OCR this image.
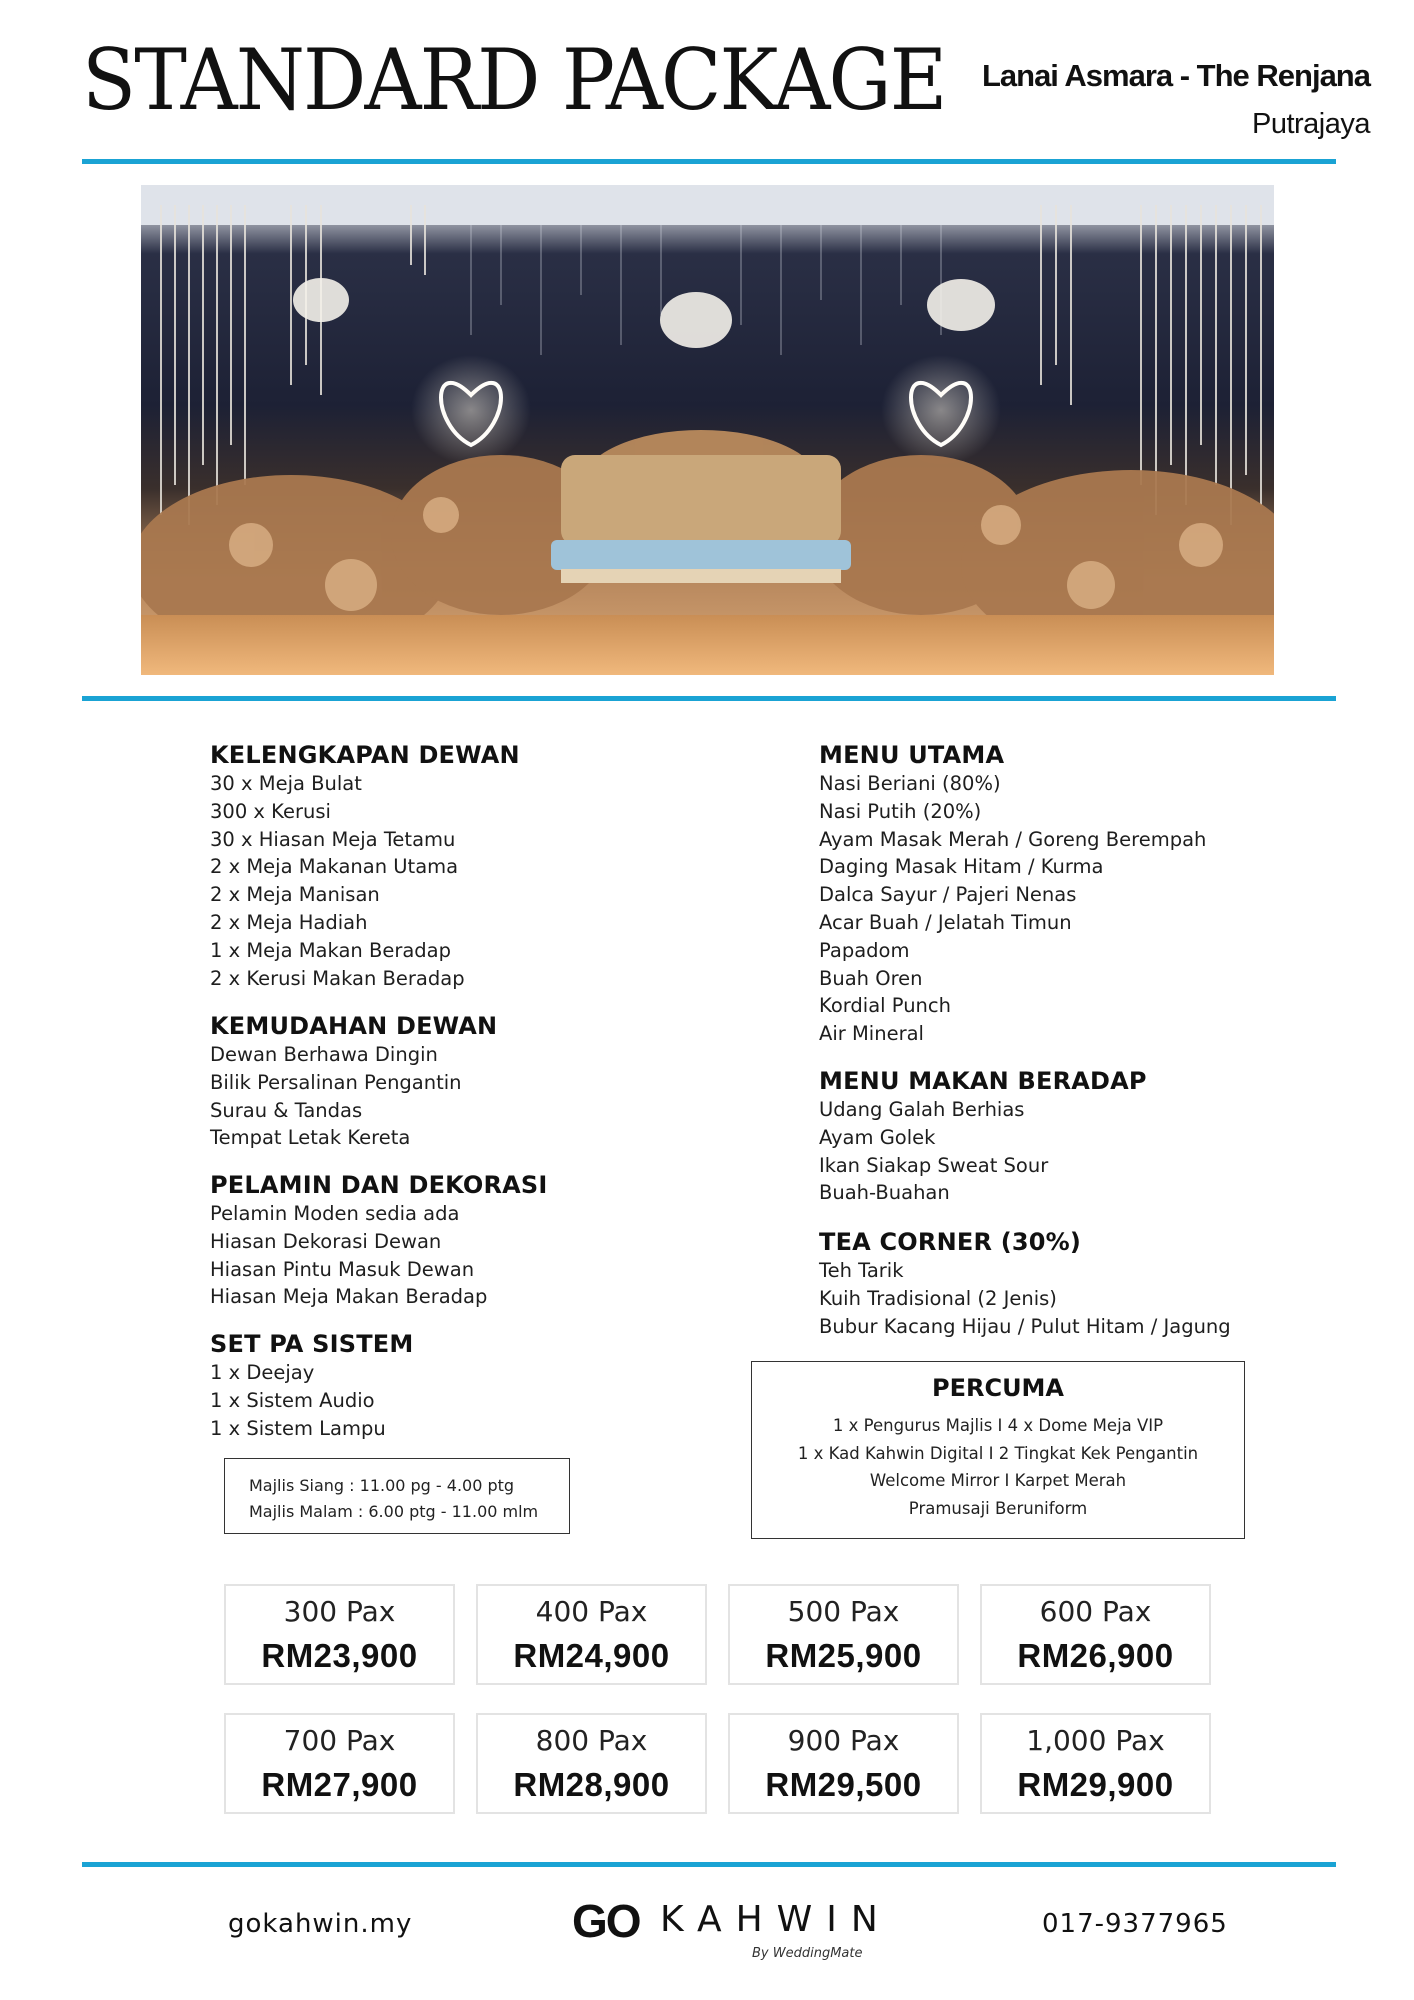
STANDARD PACKAGE Lanai Asmara - The Renjana
Putrajaya
KELENGKAPAN DEWAN
30 x Meja Bulat
300 x Kerusi
30 x Hiasan Meja Tetamu
2 x Meja Makanan Utama
2 x Meja Manisan
2 x Meja Hadiah
1 x Meja Makan Beradap
2 x Kerusi Makan Beradap
KEMUDAHAN DEWAN
Dewan Berhawa Dingin
Bilik Persalinan Pengantin
Surau & Tandas
Tempat Letak Kereta
PELAMIN DAN DEKORASI
Pelamin Moden sedia ada
Hiasan Dekorasi Dewan
Hiasan Pintu Masuk Dewan
Hiasan Meja Makan Beradap
SET PA SISTEM
1 x Deejay
1 x Sistem Audio
1 x Sistem Lampu
Majlis Siang : 11.00 pg - 4.00 ptg
Majlis Malam : 6.00 ptg - 11.00 mlm
MENU UTAMA
Nasi Beriani (80%)
Nasi Putih (20%)
Ayam Masak Merah / Goreng Berempah
Daging Masak Hitam / Kurma
Dalca Sayur / Pajeri Nenas
Acar Buah / Jelatah Timun
Papadom
Buah Oren
Kordial Punch
Air Mineral
MENU MAKAN BERADAP
Udang Galah Berhias
Ayam Golek
Ikan Siakap Sweat Sour
Buah-Buahan
TEA CORNER (30%)
Teh Tarik
Kuih Tradisional (2 Jenis)
Bubur Kacang Hijau / Pulut Hitam / Jagung
PERCUMA
1 x Pengurus Majlis I 4 x Dome Meja VIP
1 x Kad Kahwin Digital I 2 Tingkat Kek Pengantin
Welcome Mirror I Karpet Merah
Pramusaji Beruniform
300 Pax
RM23,900
400 Pax
RM24,900
500 Pax
RM25,900
600 Pax
RM26,900
700 Pax
RM27,900
800 Pax
RM28,900
900 Pax
RM29,500
1,000 Pax
RM29,900
gokahwin.my	GO KAHWIN
By WeddingMate
017-9377965
